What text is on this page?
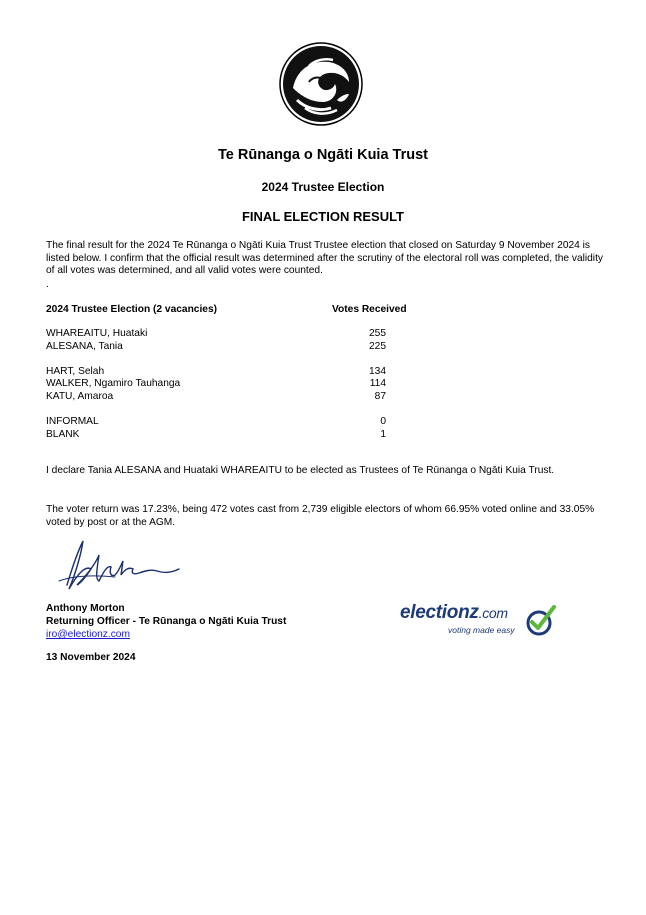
Te Rūnanga o Ngāti Kuia Trust
2024 Trustee Election
FINAL ELECTION RESULT
The final result for the 2024 Te Rūnanga o Ngāti Kuia Trust Trustee election that closed on Saturday 9 November 2024 is listed below. I confirm that the official result was determined after the scrutiny of the electoral roll was completed, the validity of all votes was determined, and all valid votes were counted.
.
2024 Trustee Election (2 vacancies)	Votes Received
WHAREAITU, Huataki	255
ALESANA, Tania	225
HART, Selah	134
WALKER, Ngamiro Tauhanga	114
KATU, Amaroa	87
INFORMAL	0
BLANK	1
I declare Tania ALESANA and Huataki WHAREAITU to be elected as Trustees of Te Rūnanga o Ngāti Kuia Trust.
The voter return was 17.23%, being 472 votes cast from 2,739 eligible electors of whom 66.95% voted online and 33.05% voted by post or at the AGM.
Anthony Morton
Returning Officer - Te Rūnanga o Ngāti Kuia Trust
iro@electionz.com
13 November 2024
electionz.com
voting made easy
